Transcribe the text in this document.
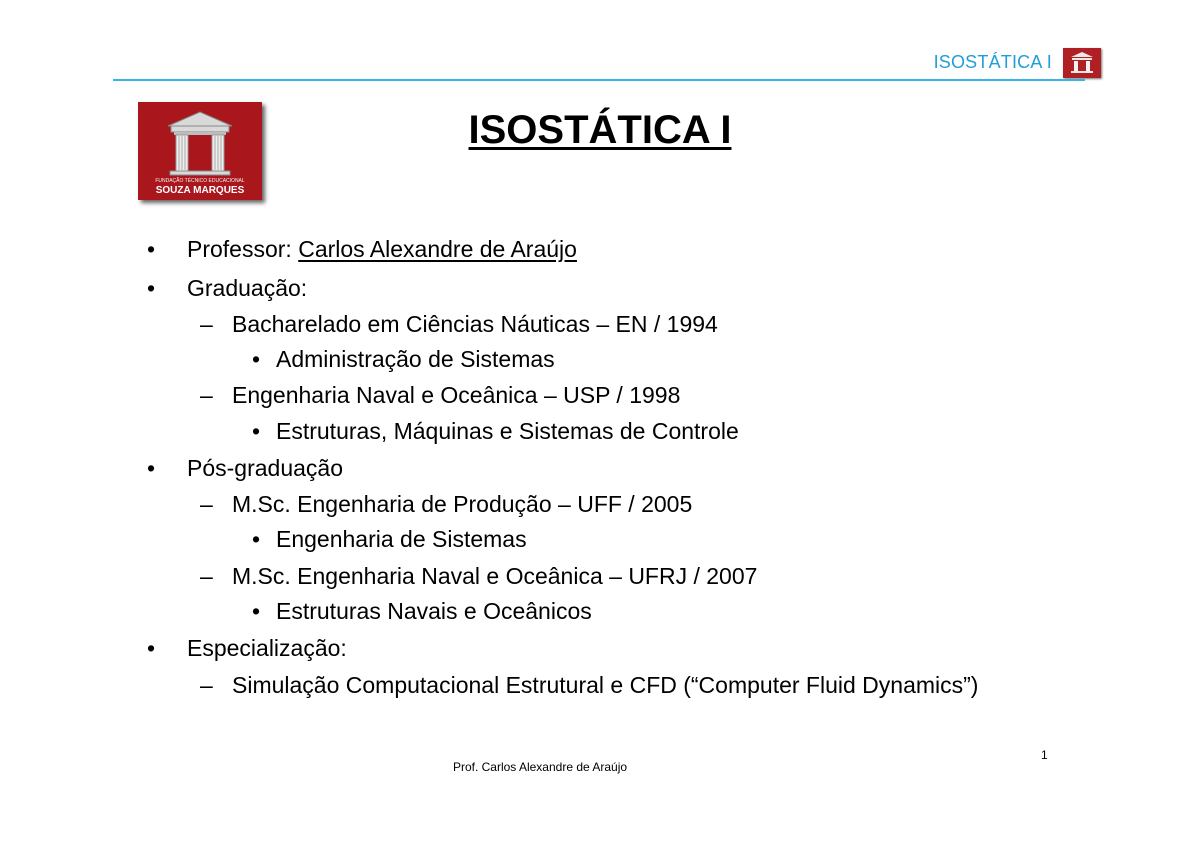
ISOSTÁTICA I
FUNDAÇÃO TÉCNICO EDUCACIONAL
SOUZA MARQUES
ISOSTÁTICA I
• Professor: Carlos Alexandre de Araújo
• Graduação:
– Bacharelado em Ciências Náuticas – EN / 1994
• Administração de Sistemas
– Engenharia Naval e Oceânica – USP / 1998
• Estruturas, Máquinas e Sistemas de Controle
• Pós-graduação
– M.Sc. Engenharia de Produção – UFF / 2005
• Engenharia de Sistemas
– M.Sc. Engenharia Naval e Oceânica – UFRJ / 2007
• Estruturas Navais e Oceânicos
• Especialização:
– Simulação Computacional Estrutural e CFD (“Computer Fluid Dynamics”)
Prof. Carlos Alexandre de Araújo
1
